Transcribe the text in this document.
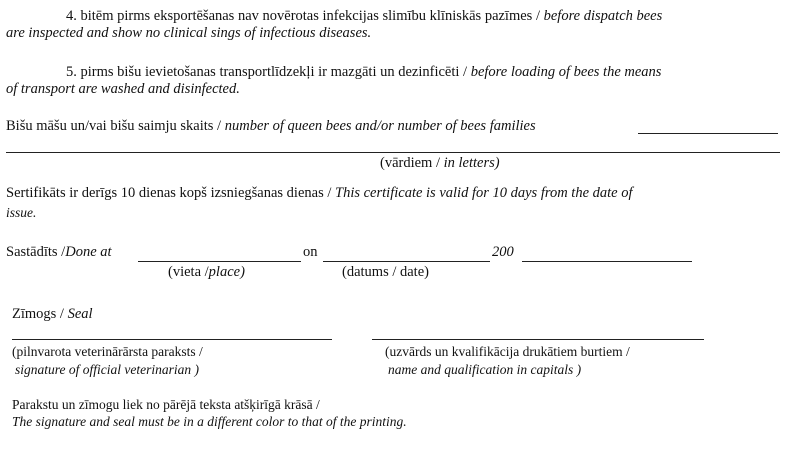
4. bitēm pirms eksportēšanas nav novērotas infekcijas slimību klīniskās pazīmes / before dispatch bees
are inspected and show no clinical sings of infectious diseases.
5. pirms bišu ievietošanas transportlīdzekļi ir mazgāti un dezinficēti / before loading of bees the means
of transport are washed and disinfected.
Bišu māšu un/vai bišu saimju skaits / number of queen bees and/or number of bees families
(vārdiem / in letters)
Sertifikāts ir derīgs 10 dienas kopš izsniegšanas dienas / This certificate is valid for 10 days from the date of
issue.
Sastādīts /Done at	on	200
(vieta /place)	(datums / date)
Zīmogs / Seal
(pilnvarota veterinārārsta paraksts /
signature of official veterinarian )
(uzvārds un kvalifikācija drukātiem burtiem /
name and qualification in capitals )
Parakstu un zīmogu liek no pārējā teksta atšķirīgā krāsā /
The signature and seal must be in a different color to that of the printing.
